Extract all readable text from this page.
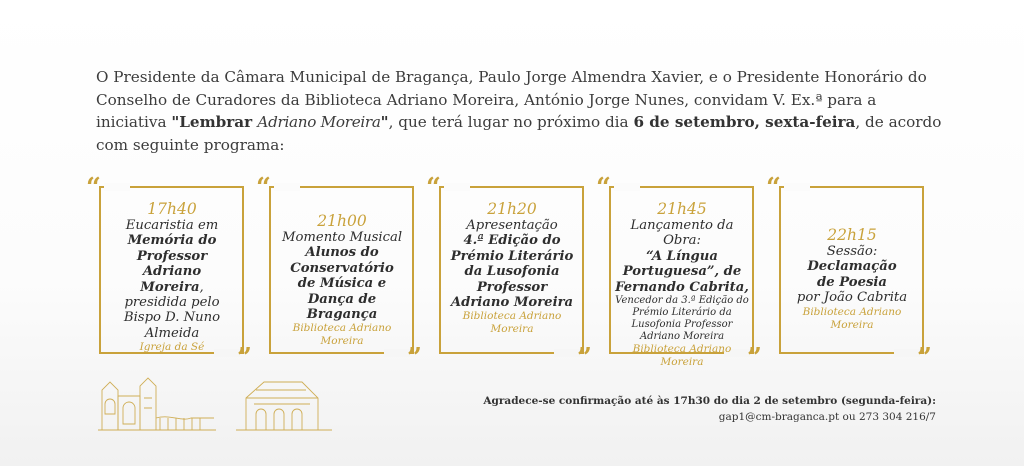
O Presidente da Câmara Municipal de Bragança, Paulo Jorge Almendra Xavier, e o Presidente Honorário do Conselho de Curadores da Biblioteca Adriano Moreira, António Jorge Nunes, convidam V. Ex.ª para a iniciativa "Lembrar Adriano Moreira", que terá lugar no próximo dia 6 de setembro, sexta-feira, de acordo com seguinte programa:
“
”
17h40
Eucaristia em
Memória do Professor Adriano Moreira,
presidida pelo Bispo D. Nuno Almeida
Igreja da Sé
“
”
21h00
Momento Musical
Alunos do Conservatório de Música e Dança de Bragança
Biblioteca Adriano Moreira
“
”
21h20
Apresentação
4.ª Edição do Prémio Literário da Lusofonia Professor Adriano Moreira
Biblioteca Adriano Moreira
“
”
21h45
Lançamento da Obra:
“A Língua Portuguesa”, de Fernando Cabrita,
Vencedor da 3.ª Edição do Prémio Literário da Lusofonia Professor Adriano Moreira
Biblioteca Adriano Moreira
“
”
22h15
Sessão:
Declamação de Poesia
por João Cabrita
Biblioteca Adriano Moreira
Agradece-se confirmação até às 17h30 do dia 2 de setembro (segunda-feira):
gap1@cm-braganca.pt ou 273 304 216/7
